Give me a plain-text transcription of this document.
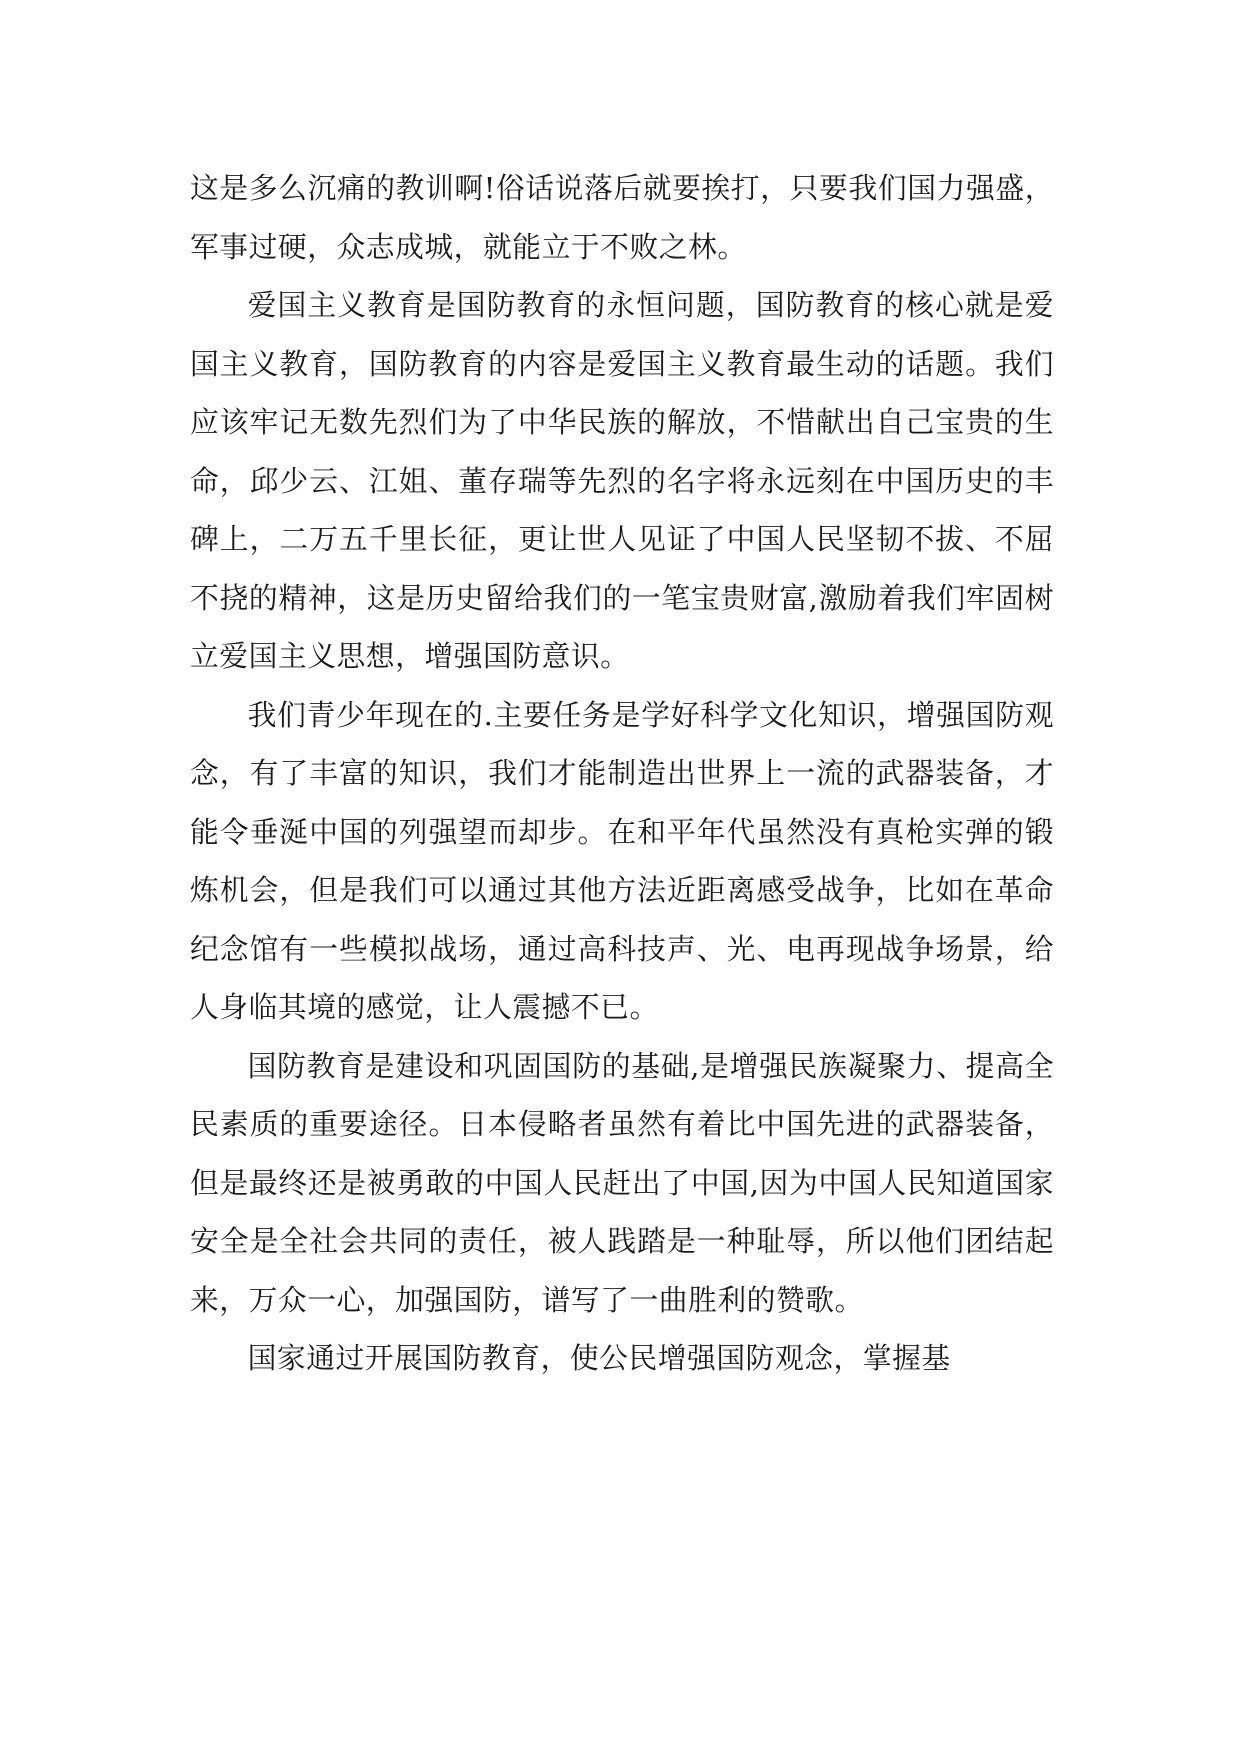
这是多么沉痛的教训啊!俗话说落后就要挨打，只要我们国力强盛，军事过硬，众志成城，就能立于不败之林。

爱国主义教育是国防教育的永恒问题，国防教育的核心就是爱国主义教育，国防教育的内容是爱国主义教育最生动的话题。我们应该牢记无数先烈们为了中华民族的解放，不惜献出自己宝贵的生命，邱少云、江姐、董存瑞等先烈的名字将永远刻在中国历史的丰碑上，二万五千里长征，更让世人见证了中国人民坚韧不拔、不屈不挠的精神，这是历史留给我们的一笔宝贵财富,激励着我们牢固树立爱国主义思想，增强国防意识。

我们青少年现在的.主要任务是学好科学文化知识，增强国防观念，有了丰富的知识，我们才能制造出世界上一流的武器装备，才能令垂涎中国的列强望而却步。在和平年代虽然没有真枪实弹的锻炼机会，但是我们可以通过其他方法近距离感受战争，比如在革命纪念馆有一些模拟战场，通过高科技声、光、电再现战争场景，给人身临其境的感觉，让人震撼不已。

国防教育是建设和巩固国防的基础,是增强民族凝聚力、提高全民素质的重要途径。日本侵略者虽然有着比中国先进的武器装备，但是最终还是被勇敢的中国人民赶出了中国,因为中国人民知道国家安全是全社会共同的责任，被人践踏是一种耻辱，所以他们团结起来，万众一心，加强国防，谱写了一曲胜利的赞歌。

国家通过开展国防教育，使公民增强国防观念，掌握基
